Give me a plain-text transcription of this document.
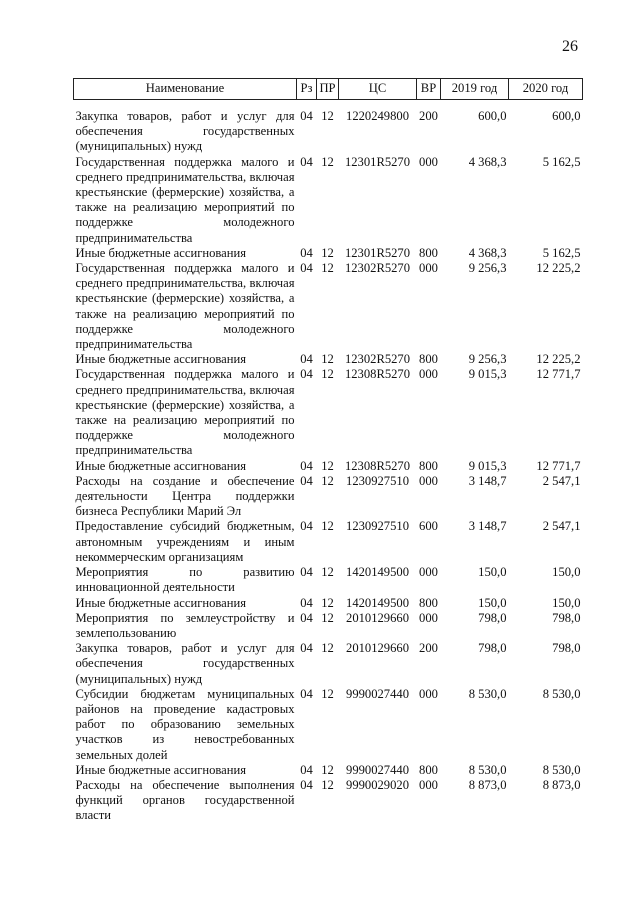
26
Наименование	Рз	ПР	ЦС	ВР	2019 год	2020 год
Закупка товаров, работ и услуг для обеспечения государственных (муниципальных) нужд	04	12	1220249800	200	600,0	600,0
Государственная поддержка малого и среднего предпринимательства, включая крестьянские (фермерские) хозяйства, а также на реализацию мероприятий по поддержке молодежного предпринимательства	04	12	12301R5270	000	4 368,3	5 162,5
Иные бюджетные ассигнования	04	12	12301R5270	800	4 368,3	5 162,5
Государственная поддержка малого и среднего предпринимательства, включая крестьянские (фермерские) хозяйства, а также на реализацию мероприятий по поддержке молодежного предпринимательства	04	12	12302R5270	000	9 256,3	12 225,2
Иные бюджетные ассигнования	04	12	12302R5270	800	9 256,3	12 225,2
Государственная поддержка малого и среднего предпринимательства, включая крестьянские (фермерские) хозяйства, а также на реализацию мероприятий по поддержке молодежного предпринимательства	04	12	12308R5270	000	9 015,3	12 771,7
Иные бюджетные ассигнования	04	12	12308R5270	800	9 015,3	12 771,7
Расходы на создание и обеспечение деятельности Центра поддержки бизнеса Республики Марий Эл	04	12	1230927510	000	3 148,7	2 547,1
Предоставление субсидий бюджетным, автономным учреждениям и иным некоммерческим организациям	04	12	1230927510	600	3 148,7	2 547,1
Мероприятия по развитию инновационной деятельности	04	12	1420149500	000	150,0	150,0
Иные бюджетные ассигнования	04	12	1420149500	800	150,0	150,0
Мероприятия по землеустройству и землепользованию	04	12	2010129660	000	798,0	798,0
Закупка товаров, работ и услуг для обеспечения государственных (муниципальных) нужд	04	12	2010129660	200	798,0	798,0
Субсидии бюджетам муниципальных районов на проведение кадастровых работ по образованию земельных участков из невостребованных земельных долей	04	12	9990027440	000	8 530,0	8 530,0
Иные бюджетные ассигнования	04	12	9990027440	800	8 530,0	8 530,0
Расходы на обеспечение выполнения функций органов государственной власти	04	12	9990029020	000	8 873,0	8 873,0
